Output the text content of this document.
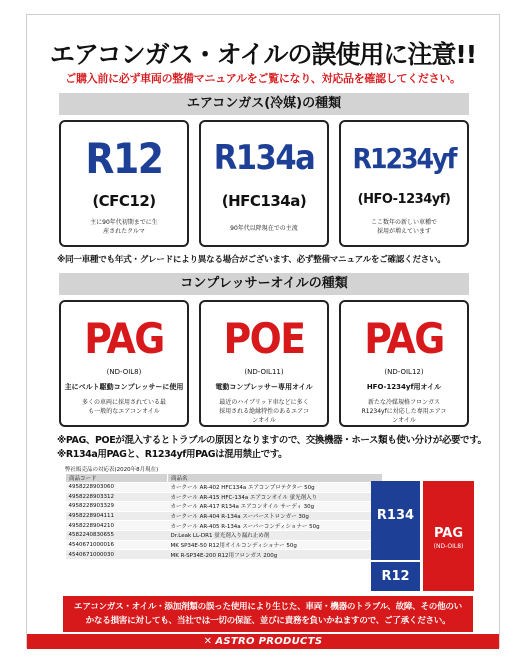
エアコンガス・オイルの誤使用に注意!!
ご購入前に必ず車両の整備マニュアルをご覧になり、対応品を確認してください。
エアコンガス(冷媒)の種類
R12
(CFC12)
主に90年代初期までに生産されたクルマ
R134a
(HFC134a)
90年代以降現在での主流
R1234yf
(HFO-1234yf)
ここ数年の新しい車種で採用が増えています
※同一車種でも年式・グレードにより異なる場合がございます、必ず整備マニュアルをご確認ください。
コンプレッサーオイルの種類
PAG
(ND-OIL8)
主にベルト駆動コンプレッサーに使用
多くの車両に採用されている最も一般的なエアコンオイル
POE
(ND-OIL11)
電動コンプレッサー専用オイル
最近のハイブリッド車などに多く採用される絶縁特性のあるエアコンオイル
PAG
(ND-OIL12)
HFO-1234yf用オイル
新たな冷媒規格フロンガスR1234yfに対応した専用エアコンオイル
※PAG、POEが混入するとトラブルの原因となりますので、交換機器・ホース類も使い分けが必要です。
※R134a用PAGと、R1234yf用PAGは混用禁止です。
弊社販売品の対応表(2020年8月現在)
商品コード	商品名
4958228903060	カークール AR-402 HFC134a エアコンプロテクター 50g
4958228903312	カークール AR-415 HFC-134a エアコンオイル 蛍光剤入り
4958228903329	カークール AR-417 R134a エアコンオイル サーディ 30g
4958228904111	カークール AR-404 R-134a スーパーストロンガー 30g
4958228904210	カークール AR-405 R-134a スーパーコンディショナー 50g
4582240830655	Dr.Leak LL-DR1 蛍光剤入り漏れ止め剤
4540671000016	MK SP34E-50 R12用オイルコンディショナー 50g
4540671000030	MK R-SP34E-200 R12用フロンガス 200g
R134
R12
PAG
(ND-OIL8)
エアコンガス・オイル・添加剤類の誤った使用により生じた、車両・機器のトラブル、故障、その他のいかなる損害に対しても、当社では一切の保証、並びに責務を負いかねますので、ご了承ください。
✕ ASTRO PRODUCTS
